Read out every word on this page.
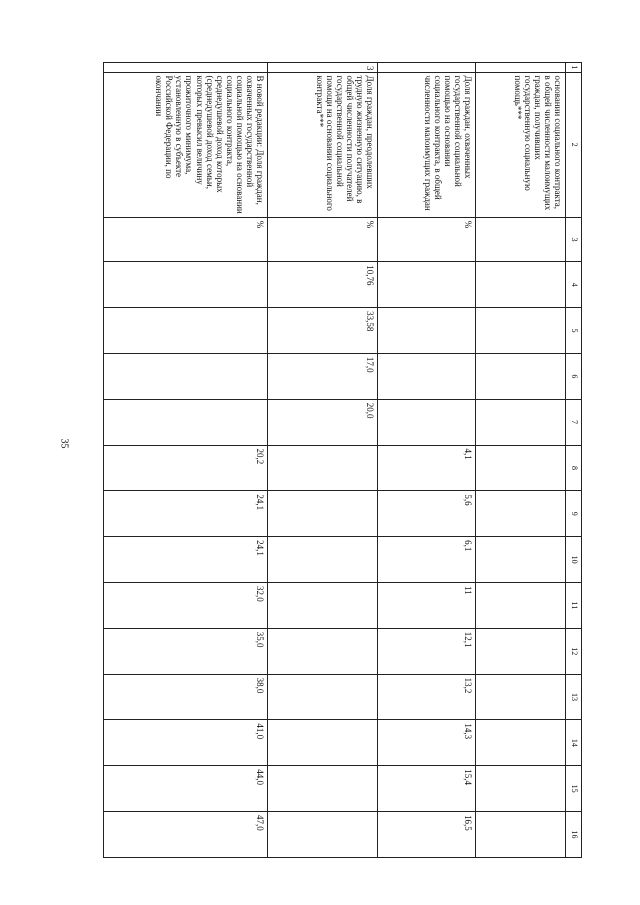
35
1	2	3	4	5	6	7	8	9	10	11	12	13	14	15	16
	основании социального контракта, в общей численности малоимущих граждан, получивших государственную социальную помощь***														
	Доля граждан, охваченных государственной социальной помощью на основании социального контракта, в общей численности малоимущих граждан	%					4,1	5,6	6,1	11	12,1	13,2	14,3	15,4	16,5
3	Доля граждан, преодолевших трудную жизненную ситуацию, в общей численности получателей государственной социальной помощи на основании социального контракта***	%	10,76	33,58	17,0	20,0									
	В новой редакции: Доля граждан, охваченных государственной социальной помощью на основании социального контракта, среднедушевой доход которых (среднедушевой доход семьи, которых превысил величину прожиточного минимума, установленную в субъекте Российской Федерации, по окончании	%					20,2	24,1	24,1	32,0	35,0	38,0	41,0	44,0	47,0
